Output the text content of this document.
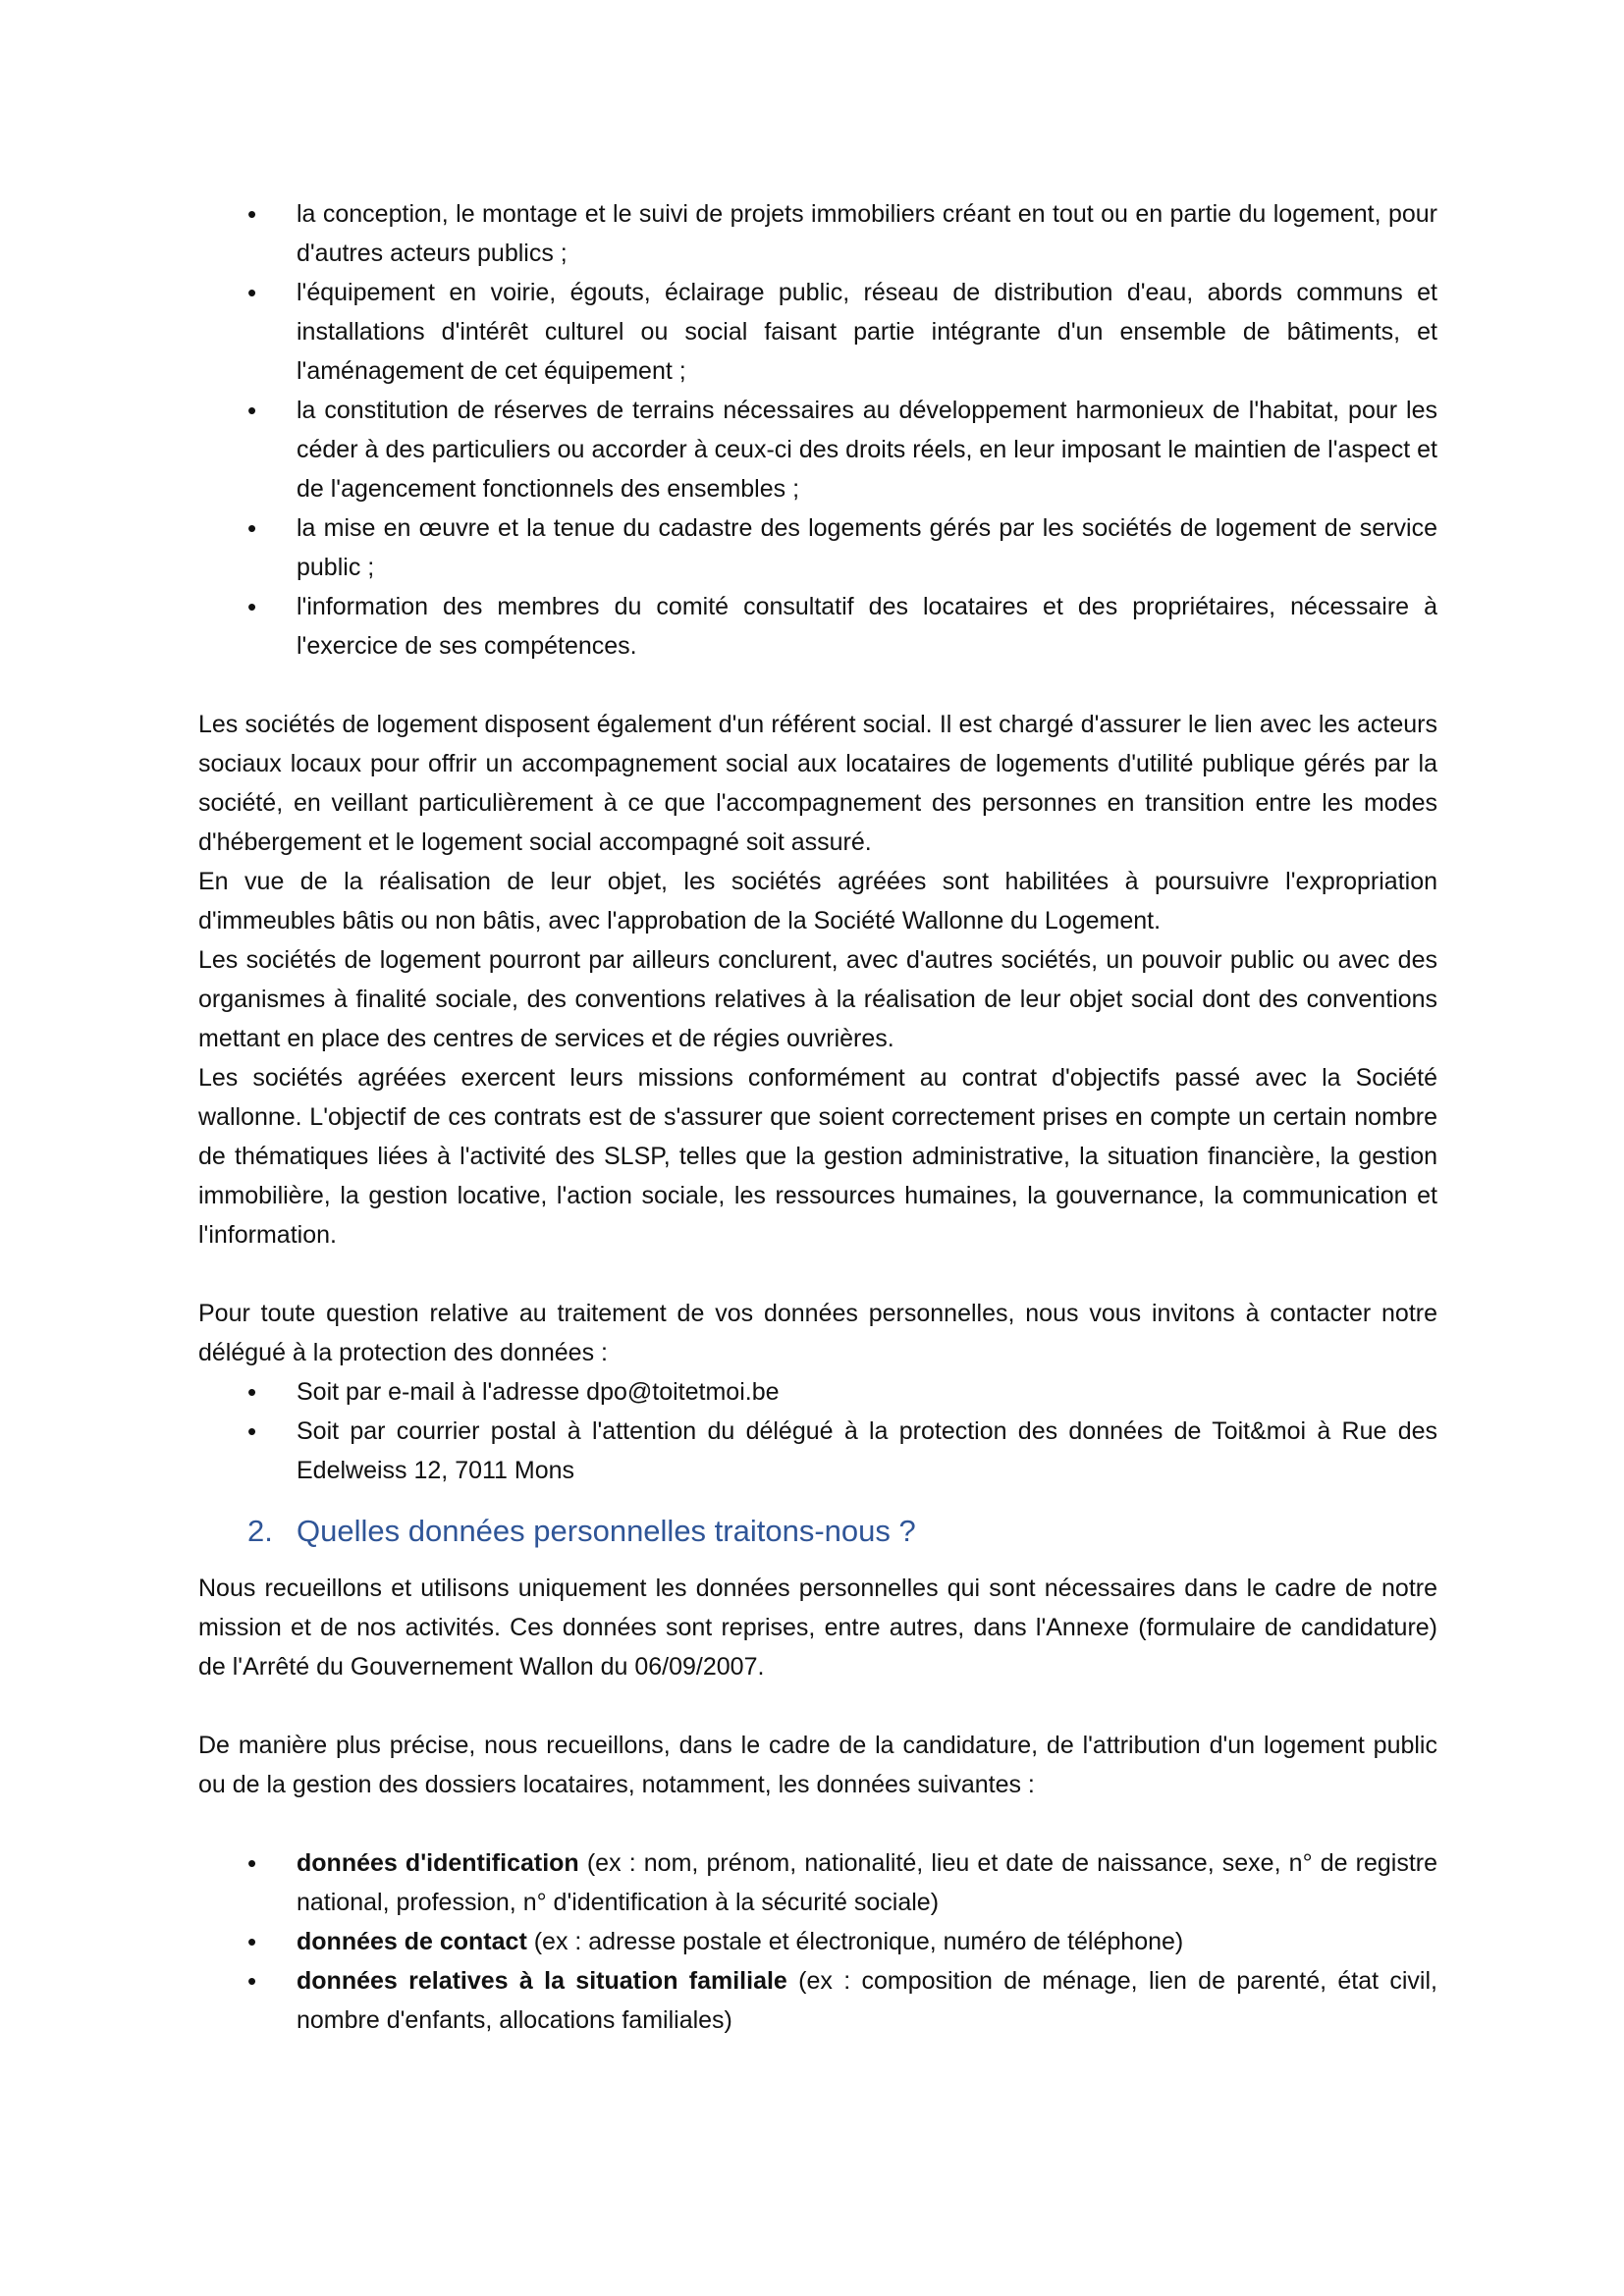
• la conception, le montage et le suivi de projets immobiliers créant en tout ou en partie du logement, pour d'autres acteurs publics ;
• l'équipement en voirie, égouts, éclairage public, réseau de distribution d'eau, abords communs et installations d'intérêt culturel ou social faisant partie intégrante d'un ensemble de bâtiments, et l'aménagement de cet équipement ;
• la constitution de réserves de terrains nécessaires au développement harmonieux de l'habitat, pour les céder à des particuliers ou accorder à ceux-ci des droits réels, en leur imposant le maintien de l'aspect et de l'agencement fonctionnels des ensembles ;
• la mise en œuvre et la tenue du cadastre des logements gérés par les sociétés de logement de service public ;
• l'information des membres du comité consultatif des locataires et des propriétaires, nécessaire à l'exercice de ses compétences.

Les sociétés de logement disposent également d'un référent social. Il est chargé d'assurer le lien avec les acteurs sociaux locaux pour offrir un accompagnement social aux locataires de logements d'utilité publique gérés par la société, en veillant particulièrement à ce que l'accompagnement des personnes en transition entre les modes d'hébergement et le logement social accompagné soit assuré.

En vue de la réalisation de leur objet, les sociétés agréées sont habilitées à poursuivre l'expropriation d'immeubles bâtis ou non bâtis, avec l'approbation de la Société Wallonne du Logement.

Les sociétés de logement pourront par ailleurs conclurent, avec d'autres sociétés, un pouvoir public ou avec des organismes à finalité sociale, des conventions relatives à la réalisation de leur objet social dont des conventions mettant en place des centres de services et de régies ouvrières.

Les sociétés agréées exercent leurs missions conformément au contrat d'objectifs passé avec la Société wallonne. L'objectif de ces contrats est de s'assurer que soient correctement prises en compte un certain nombre de thématiques liées à l'activité des SLSP, telles que la gestion administrative, la situation financière, la gestion immobilière, la gestion locative, l'action sociale, les ressources humaines, la gouvernance, la communication et l'information.

Pour toute question relative au traitement de vos données personnelles, nous vous invitons à contacter notre délégué à la protection des données :

• Soit par e-mail à l'adresse dpo@toitetmoi.be
• Soit par courrier postal à l'attention du délégué à la protection des données de Toit&moi à Rue des Edelweiss 12, 7011 Mons
2. Quelles données personnelles traitons-nous ?

Nous recueillons et utilisons uniquement les données personnelles qui sont nécessaires dans le cadre de notre mission et de nos activités. Ces données sont reprises, entre autres, dans l'Annexe (formulaire de candidature) de l'Arrêté du Gouvernement Wallon du 06/09/2007.

De manière plus précise, nous recueillons, dans le cadre de la candidature, de l'attribution d'un logement public ou de la gestion des dossiers locataires, notamment, les données suivantes :

• données d'identification (ex : nom, prénom, nationalité, lieu et date de naissance, sexe, n° de registre national, profession, n° d'identification à la sécurité sociale)
• données de contact (ex : adresse postale et électronique, numéro de téléphone)
• données relatives à la situation familiale (ex : composition de ménage, lien de parenté, état civil, nombre d'enfants, allocations familiales)
